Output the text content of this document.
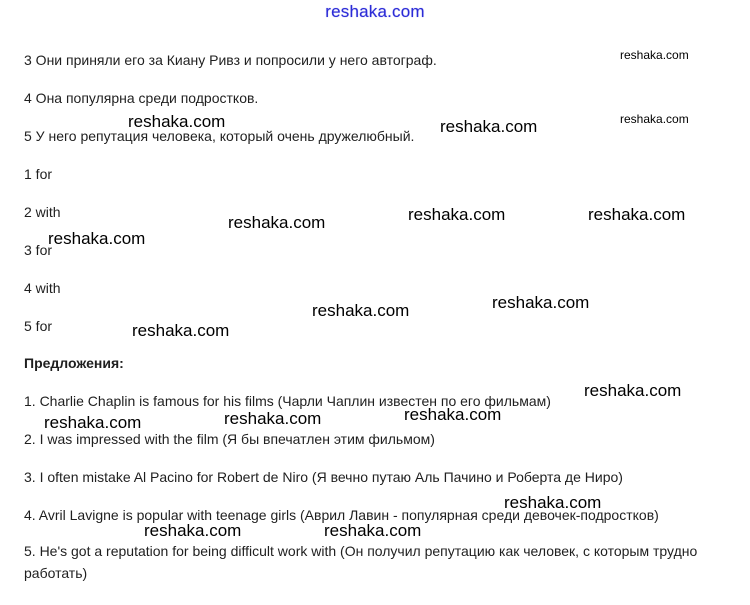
reshaka.com
3 Они приняли его за Киану Ривз и попросили у него автограф.
4 Она популярна среди подростков.
5 У него репутация человека, который очень дружелюбный.
1 for
2 with
3 for
4 with
5 for
Предложения:
1. Charlie Chaplin is famous for his films (Чарли Чаплин известен по его фильмам)
2. I was impressed with the film (Я бы впечатлен этим фильмом)
3. I often mistake Al Pacino for Robert de Niro (Я вечно путаю Аль Пачино и Роберта де Ниро)
4. Avril Lavigne is popular with teenage girls (Аврил Лавин - популярная среди девочек-подростков)
5. He's got a reputation for being difficult work with (Он получил репутацию как человек, с которым трудно работать)
reshaka.com
reshaka.com
reshaka.com	reshaka.com
reshaka.com	reshaka.com
reshaka.com
reshaka.com
reshaka.com
reshaka.com
reshaka.com
reshaka.com
reshaka.com
reshaka.com	reshaka.com
reshaka.com
reshaka.com	reshaka.com
